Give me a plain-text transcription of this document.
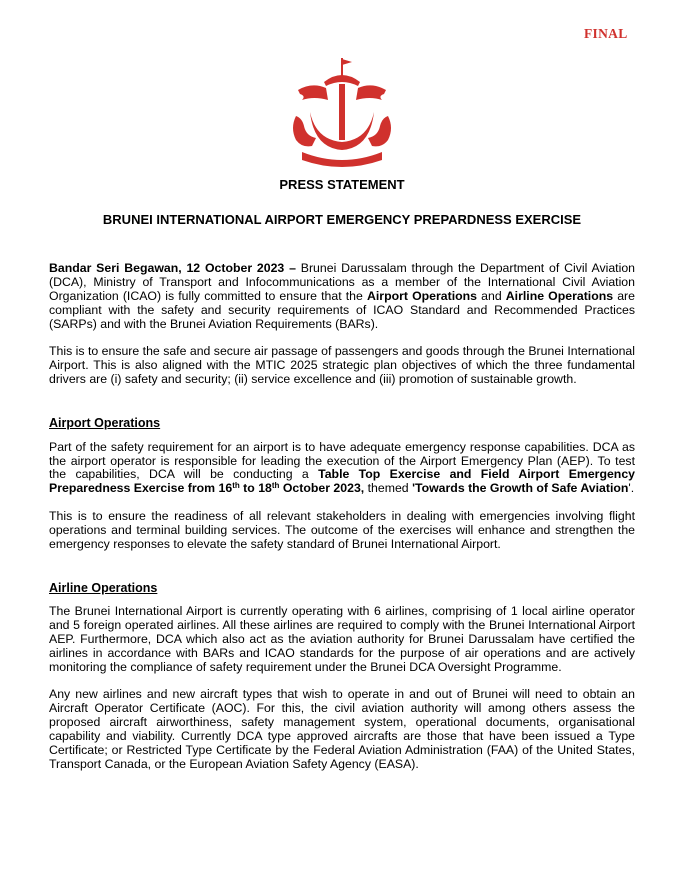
FINAL
PRESS STATEMENT
BRUNEI INTERNATIONAL AIRPORT EMERGENCY PREPARDNESS EXERCISE

Bandar Seri Begawan, 12 October 2023 – Brunei Darussalam through the Department of Civil Aviation (DCA), Ministry of Transport and Infocommunications as a member of the International Civil Aviation Organization (ICAO) is fully committed to ensure that the Airport Operations and Airline Operations are compliant with the safety and security requirements of ICAO Standard and Recommended Practices (SARPs) and with the Brunei Aviation Requirements (BARs).

This is to ensure the safe and secure air passage of passengers and goods through the Brunei International Airport. This is also aligned with the MTIC 2025 strategic plan objectives of which the three fundamental drivers are (i) safety and security; (ii) service excellence and (iii) promotion of sustainable growth.

Airport Operations

Part of the safety requirement for an airport is to have adequate emergency response capabilities. DCA as the airport operator is responsible for leading the execution of the Airport Emergency Plan (AEP). To test the capabilities, DCA will be conducting a Table Top Exercise and Field Airport Emergency Preparedness Exercise from 16th to 18th October 2023, themed 'Towards the Growth of Safe Aviation'.

This is to ensure the readiness of all relevant stakeholders in dealing with emergencies involving flight operations and terminal building services. The outcome of the exercises will enhance and strengthen the emergency responses to elevate the safety standard of Brunei International Airport.

Airline Operations

The Brunei International Airport is currently operating with 6 airlines, comprising of 1 local airline operator and 5 foreign operated airlines. All these airlines are required to comply with the Brunei International Airport AEP. Furthermore, DCA which also act as the aviation authority for Brunei Darussalam have certified the airlines in accordance with BARs and ICAO standards for the purpose of air operations and are actively monitoring the compliance of safety requirement under the Brunei DCA Oversight Programme.

Any new airlines and new aircraft types that wish to operate in and out of Brunei will need to obtain an Aircraft Operator Certificate (AOC). For this, the civil aviation authority will among others assess the proposed aircraft airworthiness, safety management system, operational documents, organisational capability and viability. Currently DCA type approved aircrafts are those that have been issued a Type Certificate; or Restricted Type Certificate by the Federal Aviation Administration (FAA) of the United States, Transport Canada, or the European Aviation Safety Agency (EASA).
